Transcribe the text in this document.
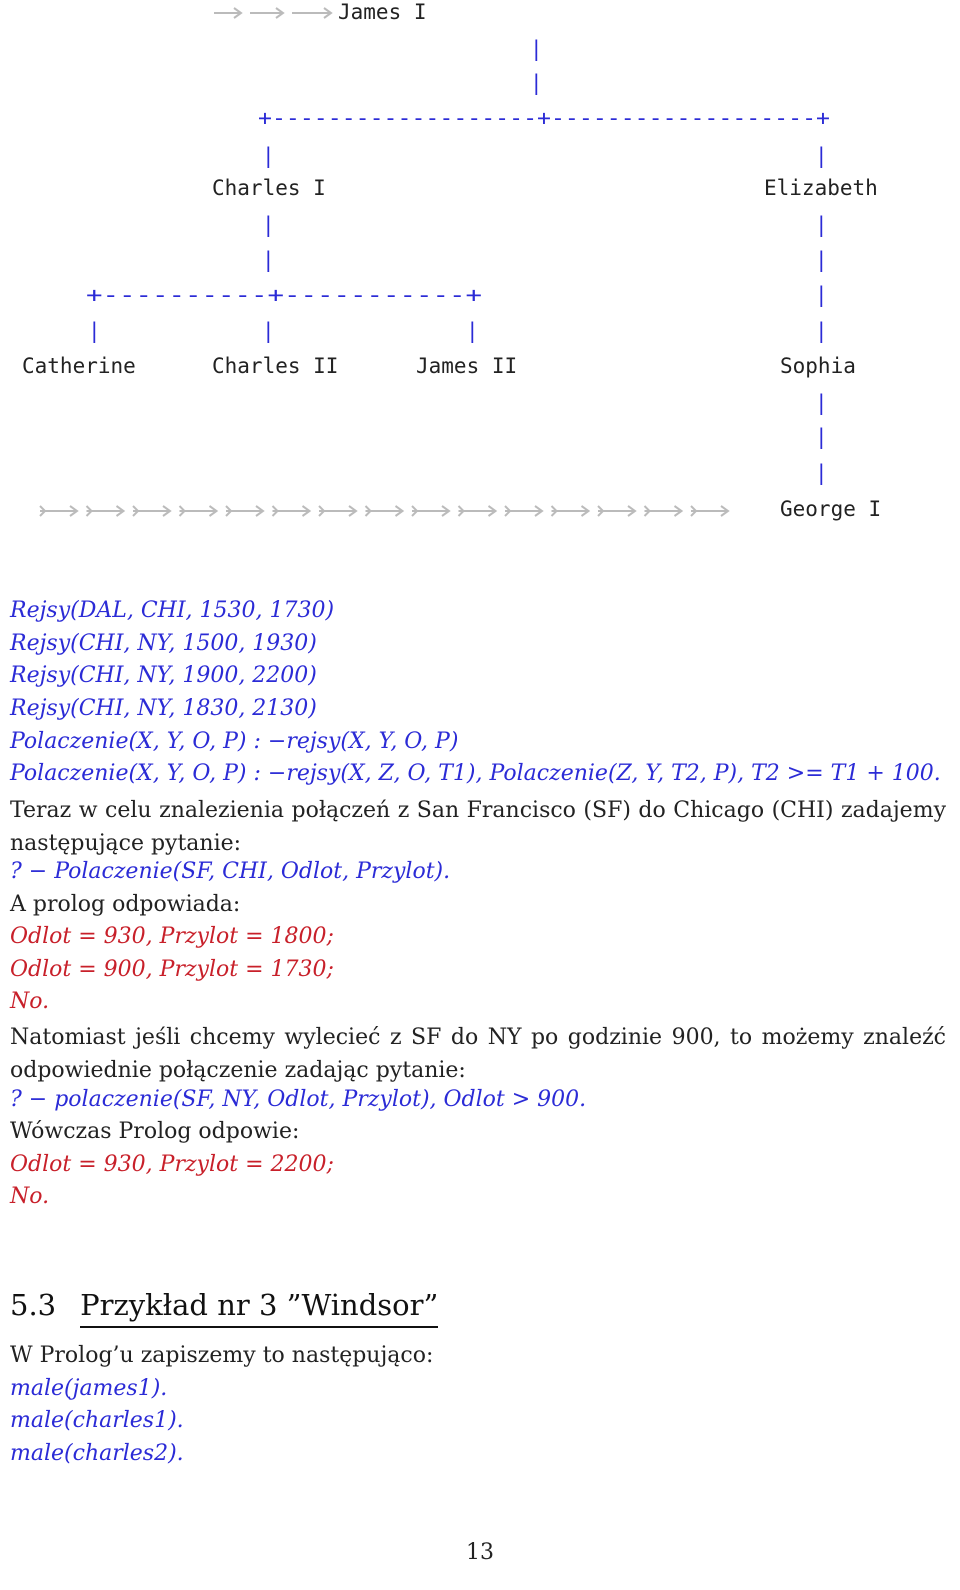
James I
|
|
+-------------------+-------------------+
|	|
Charles I	Elizabeth
|	|
|	|
+----------+-----------+	|
|	|	|	|
Catherine	Charles II	James II	Sophia
|
|
|
George I
Rejsy(DAL, CHI, 1530, 1730)
Rejsy(CHI, NY, 1500, 1930)
Rejsy(CHI, NY, 1900, 2200)
Rejsy(CHI, NY, 1830, 2130)
Polaczenie(X, Y, O, P) : −rejsy(X, Y, O, P)
Polaczenie(X, Y, O, P) : −rejsy(X, Z, O, T1), Polaczenie(Z, Y, T2, P), T2 >= T1 + 100.
Teraz w celu znalezienia połączeń z San Francisco (SF) do Chicago (CHI) zadajemy następujące pytanie:
? − Polaczenie(SF, CHI, Odlot, Przylot).
A prolog odpowiada:
Odlot = 930, Przylot = 1800;
Odlot = 900, Przylot = 1730;
No.
Natomiast jeśli chcemy wylecieć z SF do NY po godzinie 900, to możemy znaleźć odpowiednie połączenie zadając pytanie:
? − polaczenie(SF, NY, Odlot, Przylot), Odlot > 900.
Wówczas Prolog odpowie:
Odlot = 930, Przylot = 2200;
No.
5.3 Przykład nr 3 ”Windsor”
W Prolog’u zapiszemy to następująco:
male(james1).
male(charles1).
male(charles2).
13
